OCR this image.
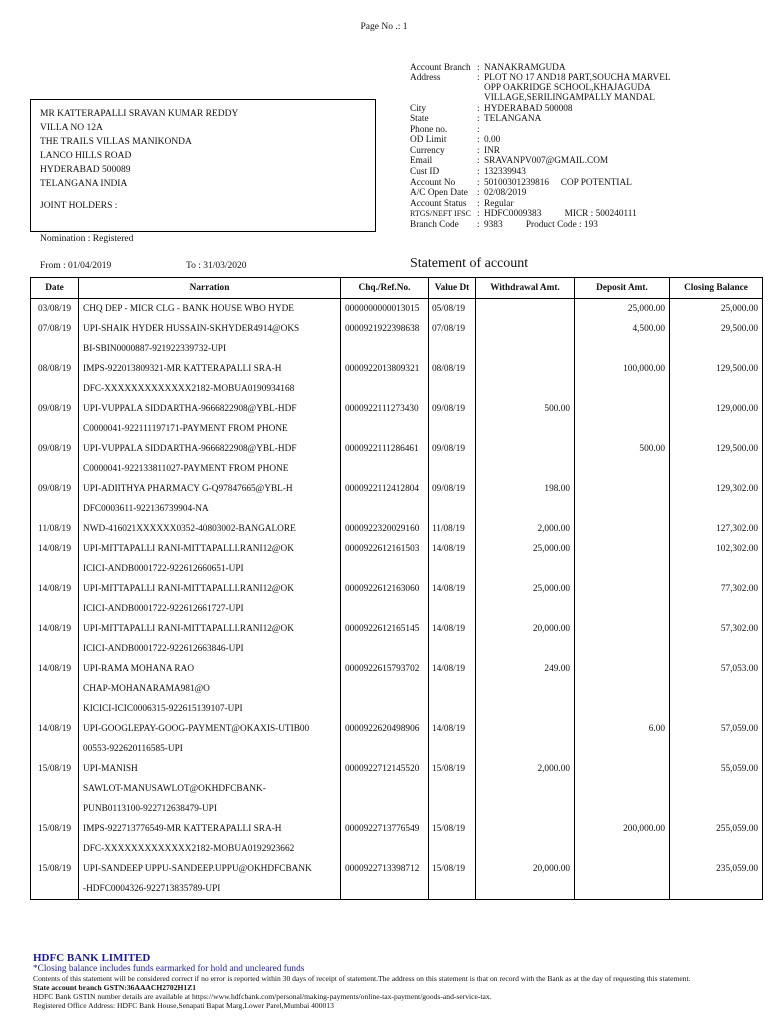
Page No .: 1
MR KATTERAPALLI SRAVAN KUMAR REDDY
VILLA NO 12A
THE TRAILS VILLAS MANIKONDA
LANCO HILLS ROAD
HYDERABAD 500089
TELANGANA INDIA
JOINT HOLDERS :
Account Branch : NANAKRAMGUDA
Address	: PLOT NO 17 AND18 PART,SOUCHA MARVEL
OPP OAKRIDGE SCHOOL,KHAJAGUDA
VILLAGE,SERILINGAMPALLY MANDAL
City	: HYDERABAD 500008
State	: TELANGANA
Phone no.	:
OD Limit	: 0.00
Currency	: INR
Email	: SRAVANPV007@GMAIL.COM
Cust ID	: 132339943
Account No	: 50100301239816     COP POTENTIAL
A/C Open Date : 02/08/2019
Account Status	: Regular
RTGS/NEFT IFSC : HDFC0009383          MICR : 500240111
Branch Code	: 9383          Product Code : 193
Nomination : Registered
From : 01/04/2019	To : 31/03/2020	Statement of account
Date	Narration	Chq./Ref.No.	Value Dt	Withdrawal Amt.	Deposit Amt.	Closing Balance
03/08/19	CHQ DEP - MICR CLG - BANK HOUSE WBO HYDE	0000000000013015	05/08/19		25,000.00	25,000.00
07/08/19	UPI-SHAIK HYDER HUSSAIN-SKHYDER4914@OKS
BI-SBIN0000887-921922339732-UPI	0000921922398638	07/08/19		4,500.00	29,500.00
08/08/19	IMPS-922013809321-MR KATTERAPALLI SRA-H
DFC-XXXXXXXXXXXXX2182-MOBUA0190934168	0000922013809321	08/08/19		100,000.00	129,500.00
09/08/19	UPI-VUPPALA SIDDARTHA-9666822908@YBL-HDF
C0000041-922111197171-PAYMENT FROM PHONE	0000922111273430	09/08/19	500.00		129,000.00
09/08/19	UPI-VUPPALA SIDDARTHA-9666822908@YBL-HDF
C0000041-922133811027-PAYMENT FROM PHONE	0000922111286461	09/08/19		500.00	129,500.00
09/08/19	UPI-ADIITHYA PHARMACY G-Q97847665@YBL-H
DFC0003611-922136739904-NA	0000922112412804	09/08/19	198.00		129,302.00
11/08/19	NWD-416021XXXXXX0352-40803002-BANGALORE	0000922320029160	11/08/19	2,000.00		127,302.00
14/08/19	UPI-MITTAPALLI RANI-MITTAPALLI.RANI12@OK
ICICI-ANDB0001722-922612660651-UPI	0000922612161503	14/08/19	25,000.00		102,302.00
14/08/19	UPI-MITTAPALLI RANI-MITTAPALLI.RANI12@OK
ICICI-ANDB0001722-922612661727-UPI	0000922612163060	14/08/19	25,000.00		77,302.00
14/08/19	UPI-MITTAPALLI RANI-MITTAPALLI.RANI12@OK
ICICI-ANDB0001722-922612663846-UPI	0000922612165145	14/08/19	20,000.00		57,302.00
14/08/19	UPI-RAMA MOHANA RAO
CHAP-MOHANARAMA981@O
KICICI-ICIC0006315-922615139107-UPI	0000922615793702	14/08/19	249.00		57,053.00
14/08/19	UPI-GOOGLEPAY-GOOG-PAYMENT@OKAXIS-UTIB00
00553-922620116585-UPI	0000922620498906	14/08/19		6.00	57,059.00
15/08/19	UPI-MANISH
SAWLOT-MANUSAWLOT@OKHDFCBANK-
PUNB0113100-922712638479-UPI	0000922712145520	15/08/19	2,000.00		55,059.00
15/08/19	IMPS-922713776549-MR KATTERAPALLI SRA-H
DFC-XXXXXXXXXXXXX2182-MOBUA0192923662	0000922713776549	15/08/19		200,000.00	255,059.00
15/08/19	UPI-SANDEEP UPPU-SANDEEP.UPPU@OKHDFCBANK
-HDFC0004326-922713835789-UPI	0000922713398712	15/08/19	20,000.00		235,059.00
HDFC BANK LIMITED
*Closing balance includes funds earmarked for hold and uncleared funds
Contents of this statement will be considered correct if no error is reported within 30 days of receipt of statement.The address on this statement is that on record with the Bank as at the day of requesting this statement.
State account branch GSTN:36AAACH2702H1Z1
HDFC Bank GSTIN number details are available at https://www.hdfcbank.com/personal/making-payments/online-tax-payment/goods-and-service-tax.
Registered Office Address: HDFC Bank House,Senapati Bapat Marg,Lower Parel,Mumbai 400013
